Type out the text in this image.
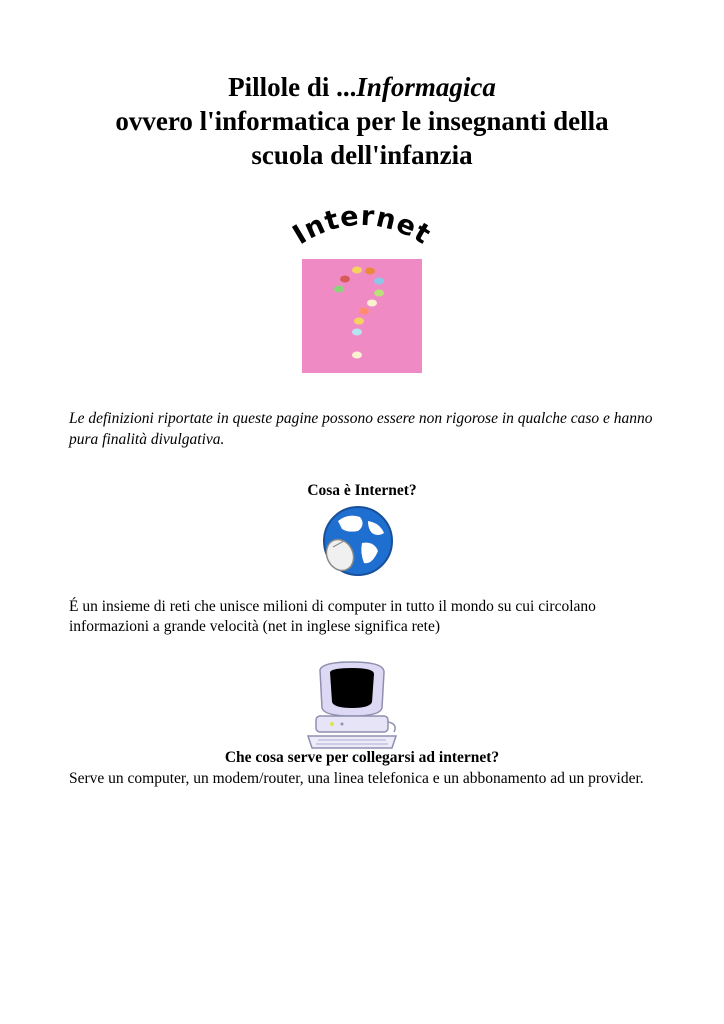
Pillole di ...Informagica
ovvero l'informatica per le insegnanti della
scuola dell'infanzia
Internet
Le definizioni riportate in queste pagine possono essere non rigorose in qualche caso e hanno pura finalità divulgativa.
Cosa è Internet?
É un insieme di reti che unisce milioni di computer in tutto il mondo su cui circolano informazioni a grande velocità (net in inglese significa rete)
Che cosa serve per collegarsi ad internet?
Serve un computer, un modem/router, una linea telefonica e un abbonamento ad un provider.
